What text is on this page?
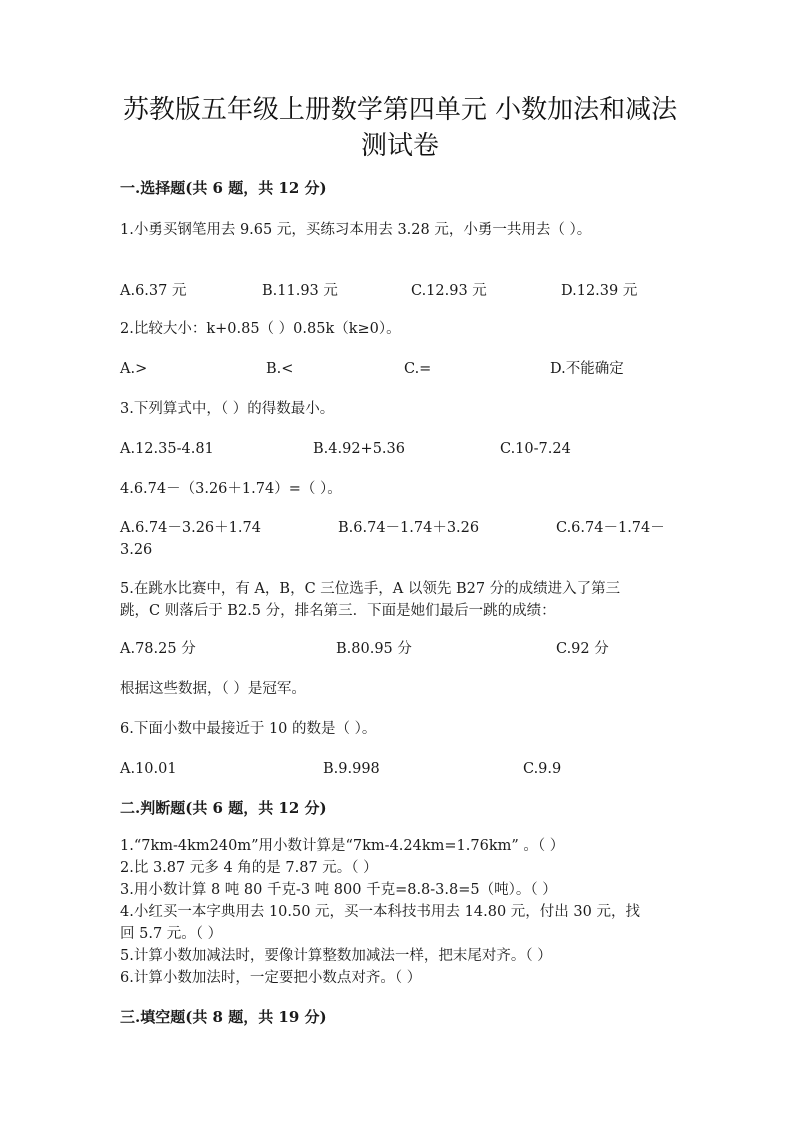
苏教版五年级上册数学第四单元 小数加法和减法
测试卷
一.选择题(共 6 题，共 12 分)
1.小勇买钢笔用去 9.65 元，买练习本用去 3.28 元，小勇一共用去（ ）。
A.6.37 元	B.11.93 元	C.12.93 元	D.12.39 元
2.比较大小：k+0.85（ ）0.85k（k≥0）。
A.>	B.<	C.=	D.不能确定
3.下列算式中，（ ）的得数最小。
A.12.35-4.81	B.4.92+5.36	C.10-7.24
4.6.74－（3.26＋1.74）=（ ）。
A.6.74－3.26＋1.74	B.6.74－1.74＋3.26	C.6.74－1.74－
3.26
5.在跳水比赛中，有 A，B，C 三位选手，A 以领先 B27 分的成绩进入了第三
跳，C 则落后于 B2.5 分，排名第三．下面是她们最后一跳的成绩：
A.78.25 分	B.80.95 分	C.92 分
根据这些数据，（ ）是冠军。
6.下面小数中最接近于 10 的数是（ ）。
A.10.01	B.9.998	C.9.9
二.判断题(共 6 题，共 12 分)
1.“7km-4km240m”用小数计算是“7km-4.24km=1.76km” 。（ ）
2.比 3.87 元多 4 角的是 7.87 元。（ ）
3.用小数计算 8 吨 80 千克-3 吨 800 千克=8.8-3.8=5（吨）。（ ）
4.小红买一本字典用去 10.50 元，买一本科技书用去 14.80 元，付出 30 元，找
回 5.7 元。（ ）
5.计算小数加减法时，要像计算整数加减法一样，把末尾对齐。（ ）
6.计算小数加法时，一定要把小数点对齐。（ ）
三.填空题(共 8 题，共 19 分)
